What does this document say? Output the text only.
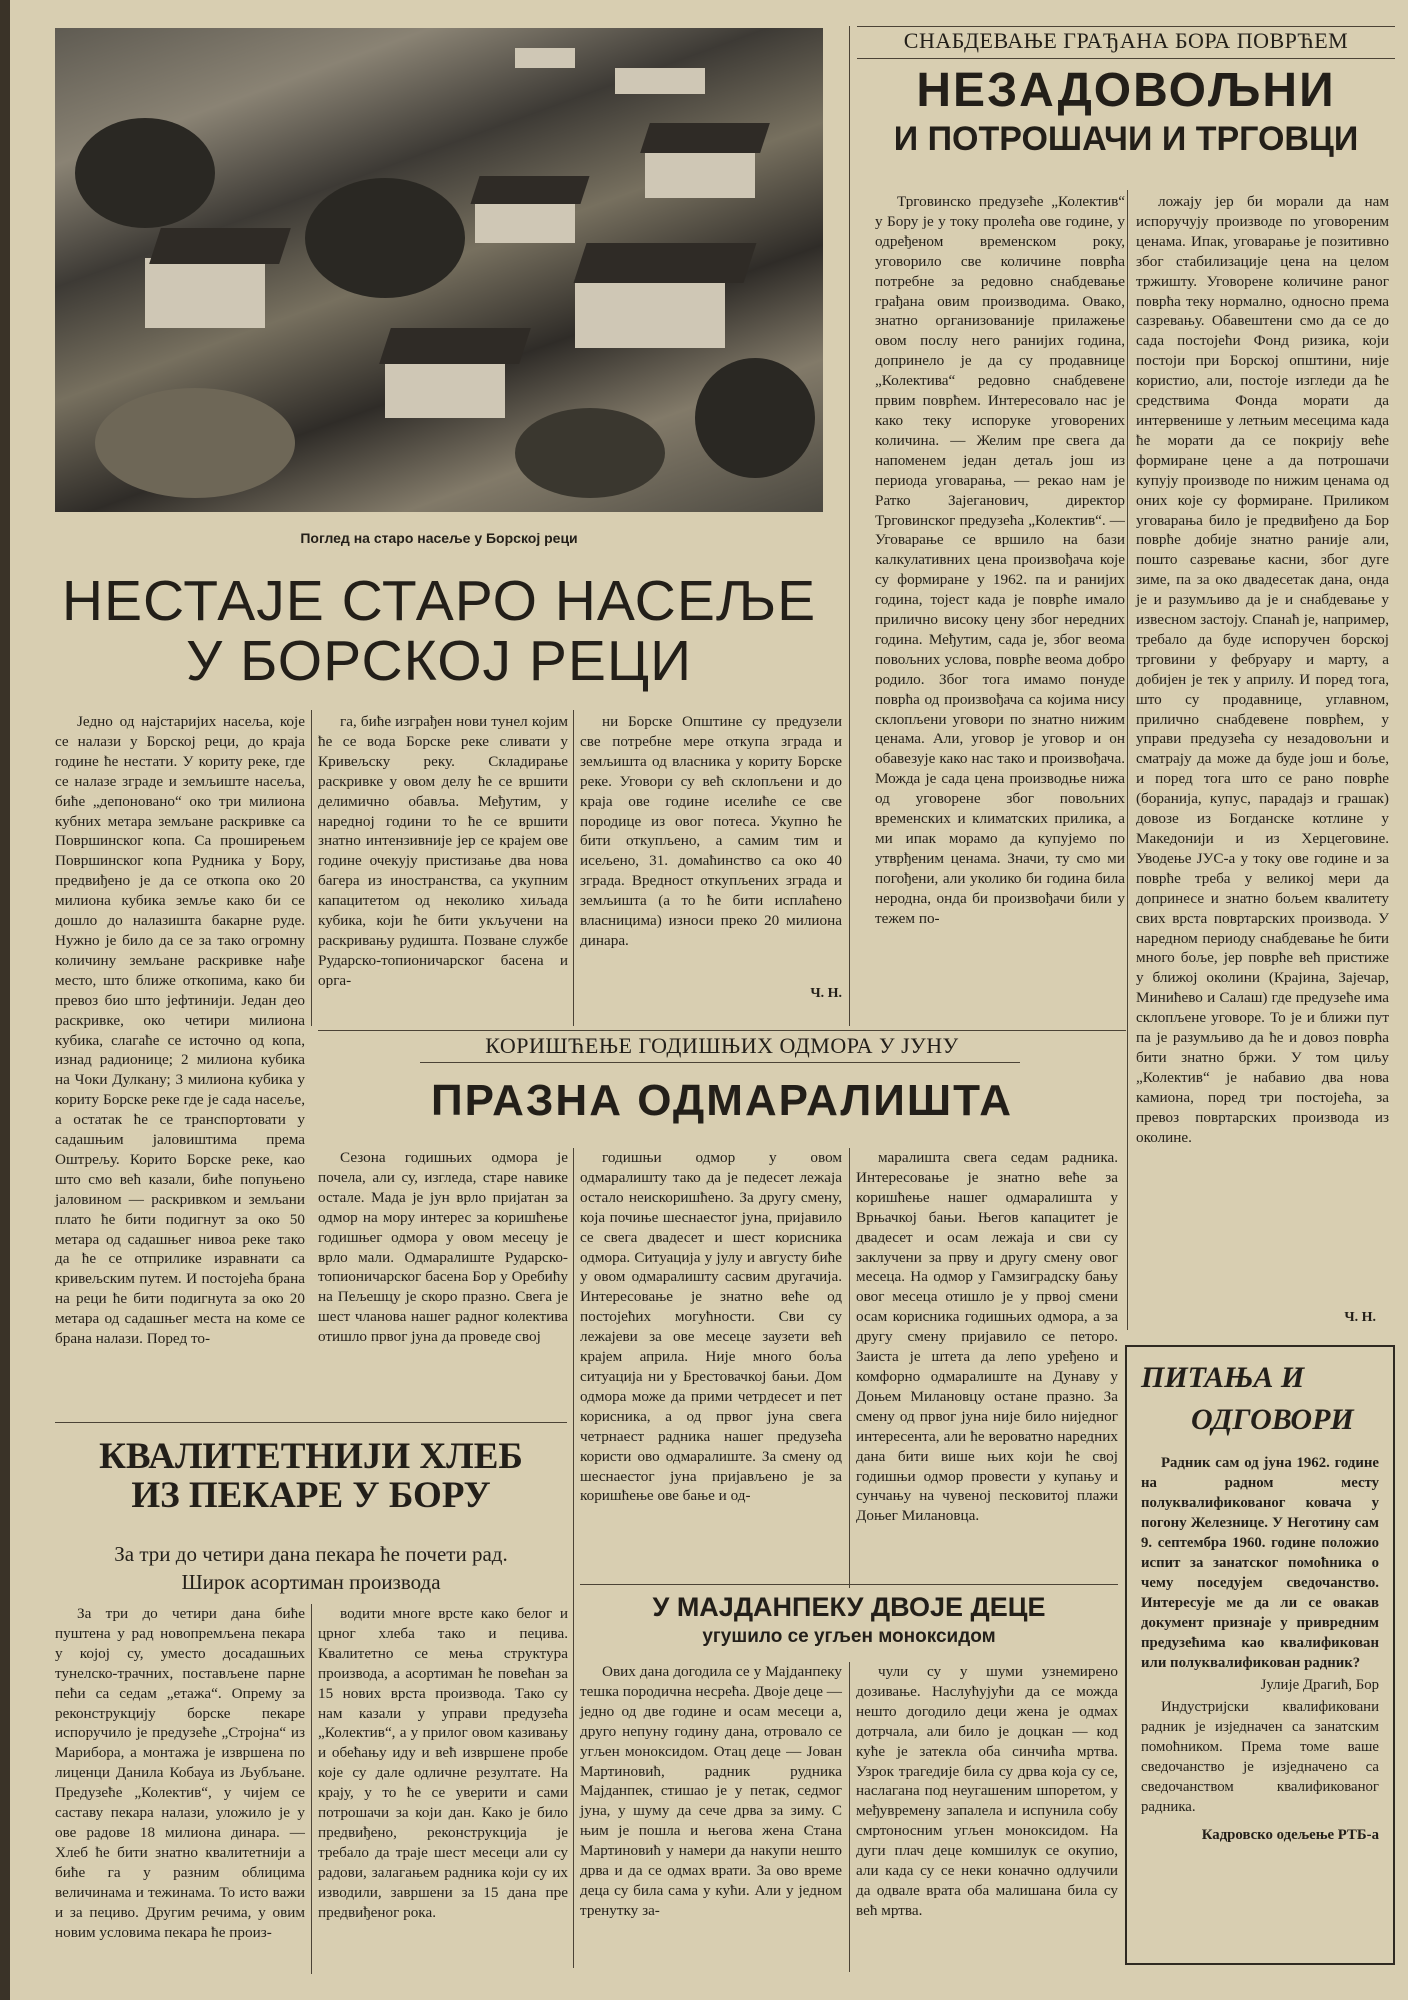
Поглед на старо насеље у Борској реци
НЕСТАЈЕ СТАРО НАСЕЉЕ
У БОРСКОЈ РЕЦИ

Једно од најстаријих насеља, које се налази у Борској реци, до краја године ће нестати. У кориту реке, где се налазе зграде и земљиште насеља, биће „депоновано“ око три милиона кубних метара земљане раскривке са Површинског копа. Са проширењем Површинског копа Рудника у Бору, предвиђено је да се откопа око 20 милиона кубика земље како би се дошло до налазишта бакарне руде. Нужно је било да се за тако огромну количину земљане раскривке нађе место, што ближе откопима, како би превоз био што јефтинији. Један део раскривке, око четири милиона кубика, слагаће се источно од копа, изнад радионице; 2 милиона кубика на Чоки Дулкану; 3 милиона кубика у кориту Борске реке где је сада насеље, а остатак ће се транспортовати у садашњим јаловиштима према Оштрељу. Корито Борске реке, као што смо већ казали, биће попуњено јаловином — раскривком и земљани плато ће бити подигнут за око 50 метара од садашњег нивоа реке тако да ће се отприлике изравнати са кривељским путем. И постојећа брана на реци ће бити подигнута за око 20 метара од садашњег места на коме се брана налази. Поред то-

га, биће изграђен нови тунел којим ће се вода Борске реке сливати у Кривељску реку. Складирање раскривке у овом делу ће се вршити делимично обавља. Међутим, у наредној години то ће се вршити знатно интензивније јер се крајем ове године очекују пристизање два нова багера из иностранства, са укупним капацитетом од неколико хиљада кубика, који ће бити укључени на раскривању рудишта. Позване службе Рударско-топионичарског басена и орга-

ни Борске Општине су предузели све потребне мере откупа зграда и земљишта од власника у кориту Борске реке. Уговори су већ склопљени и до краја ове године иселиће се све породице из овог потеса. Укупно ће бити откупљено, а самим тим и исељено, 31. домаћинство са око 40 зграда. Вредност откупљених зграда и земљишта (а то ће бити исплаћено власницима) износи преко 20 милиона динара.

Ч. Н.
СНАБДЕВАЊЕ ГРАЂАНА БОРА ПОВРЋЕМ
НЕЗАДОВОЉНИ
И ПОТРОШАЧИ И ТРГОВЦИ

Трговинско предузеће „Колектив“ у Бору је у току пролећа ове године, у одређеном временском року, уговорило све количине поврћа потребне за редовно снабдевање грађана овим производима. Овако, знатно организованије прилажење овом послу него ранијих година, допринело је да су продавнице „Колектива“ редовно снабдевене првим поврћем. Интересовало нас је како теку испоруке уговорених количина. — Желим пре свега да напоменем један детаљ још из периода уговарања, — рекао нам је Ратко Зајеганович, директор Трговинског предузећа „Колектив“. — Уговарање се вршило на бази калкулативних цена произвођача које су формиране у 1962. па и ранијих година, тојест када је поврће имало прилично високу цену због нередних година. Међутим, сада је, због веома повољних услова, поврће веома добро родило. Због тога имамо понуде поврћа од произвођача са којима нису склопљени уговори по знатно нижим ценама. Али, уговор је уговор и он обавезује како нас тако и произвођача. Можда је сада цена производње нижа од уговорене због повољних временских и климатских прилика, а ми ипак морамо да купујемо по утврђеним ценама. Значи, ту смо ми погођени, али уколико би година била неродна, онда би произвођачи били у тежем по-

ложају јер би морали да нам испоручују производе по уговореним ценама. Ипак, уговарање је позитивно због стабилизације цена на целом тржишту. Уговорене количине раног поврћа теку нормално, односно према сазревању. Обавештени смо да се до сада постојећи Фонд ризика, који постоји при Борској општини, није користио, али, постоје изгледи да ће средствима Фонда морати да интервенише у летњим месецима када ће морати да се покрију веће формиране цене а да потрошачи купују производе по нижим ценама од оних које су формиране. Приликом уговарања било је предвиђено да Бор поврће добије знатно раније али, пошто сазревање касни, због дуге зиме, па за око двадесетак дана, онда је и разумљиво да је и снабдевање у извесном застоју. Спанаћ је, например, требало да буде испоручен борској трговини у фебруару и марту, а добијен је тек у априлу. И поред тога, што су продавнице, углавном, прилично снабдевене поврћем, у управи предузећа су незадовољни и сматрају да може да буде још и боље, и поред тога што се рано поврће (боранија, купус, парадајз и грашак) довозе из Богданске котлине у Македонији и из Херцеговине. Уводење ЈУС-а у току ове године и за поврће треба у великој мери да допринесе и знатно бољем квалитету свих врста повртарских производа. У наредном периоду снабдевање ће бити много боље, јер поврће већ пристиже у ближој околини (Крајина, Зајечар, Минићево и Салаш) где предузеће има склопљене уговоре. То је и ближи пут па је разумљиво да ће и довоз поврћа бити знатно бржи. У том циљу „Колектив“ је набавио два нова камиона, поред три постојећа, за превоз повртарских производа из околине.

Ч. Н.
КОРИШЋЕЊЕ ГОДИШЊИХ ОДМОРА У ЈУНУ
ПРАЗНА ОДМАРАЛИШТА

Сезона годишњих одмора је почела, али су, изгледа, старе навике остале. Мада је јун врло пријатан за одмор на мору интерес за коришћење годишњег одмора у овом месецу је врло мали. Одмаралиште Рударско-топионичарског басена Бор у Оребићу на Пељешцу је скоро празно. Свега је шест чланова нашег радног колектива отишло првог јуна да проведе свој

годишњи одмор у овом одмаралишту тако да је педесет лежаја остало неискоришћено. За другу смену, која почиње шеснаестог јуна, пријавило се свега двадесет и шест корисника одмора. Ситуација у јулу и августу биће у овом одмаралишту сасвим другачија. Интересовање је знатно веће од постојећих могућности. Сви су лежајеви за ове месеце заузети већ крајем априла. Није много боља ситуација ни у Брестовачкој бањи. Дом одмора може да прими четрдесет и пет корисника, а од првог јуна свега четрнаест радника нашег предузећа користи ово одмаралиште. За смену од шеснаестог јуна пријављено је за коришћење ове бање и од-

маралишта свега седам радника. Интересовање је знатно веће за коришћење нашег одмаралишта у Врњачкој бањи. Његов капацитет је двадесет и осам лежаја и сви су заклучени за прву и другу смену овог месеца. На одмор у Гамзиградску бању овог месеца отишло је у првој смени осам корисника годишњих одмора, а за другу смену пријавило се петоро. Заиста је штета да лепо уређено и комфорно одмаралиште на Дунаву у Доњем Милановцу остане празно. За смену од првог јуна није било ниједног интересента, али ће вероватно наредних дана бити више њих који ће свој годишњи одмор провести у купању и сунчању на чувеној песковитој плажи Доњег Милановца.

КВАЛИТЕТНИЈИ ХЛЕБ
ИЗ ПЕКАРЕ У БОРУ
За три до четири дана пекара ће почети рад.
Широк асортиман производа

За три до четири дана биће пуштена у рад новопремљена пекара у којој су, уместо досадашњих тунелско-трачних, постављене парне пећи са седам „етажа“. Опрему за реконструкцију борске пекаре испоручило је предузеће „Стројна“ из Марибора, а монтажа је извршена по лиценци Данила Кобауа из Љубљане. Предузеће „Колектив“, у чијем се саставу пекара налази, уложило је у ове радове 18 милиона динара. — Хлеб ће бити знатно квалитетнији а биће га у разним облицима величинама и тежинама. То исто важи и за пециво. Другим речима, у овим новим условима пекара ће произ-

водити многе врсте како белог и црног хлеба тако и пецива. Квалитетно се мења структура производа, а асортиман ће повећан за 15 нових врста производа. Тако су нам казали у управи предузећа „Колектив“, а у прилог овом казивању и обећању иду и већ извршене пробе које су дале одличне резултате. На крају, у то ће се уверити и сами потрошачи за који дан. Како је било предвиђено, реконструкција је требало да траје шест месеци али су радови, залагањем радника који су их изводили, завршени за 15 дана пре предвиђеног рока.

У МАЈДАНПЕКУ ДВОЈЕ ДЕЦЕ
угушило се угљен моноксидом

Ових дана догодила се у Мајданпеку тешка породична несрећа. Двоје деце — једно од две године и осам месеци а, друго непуну годину дана, отровало се угљен моноксидом. Отац деце — Јован Мартиновић, радник рудника Мајданпек, стишао је у петак, седмог јуна, у шуму да сече дрва за зиму. С њим је пошла и његова жена Стана Мартиновић у намери да накупи нешто дрва и да се одмах врати. За ово време деца су била сама у кући. Али у једном тренутку за-

чули су у шуми узнемирено дозивање. Наслућујући да се можда нешто догодило деци жена је одмах дотрчала, али било је доцкан — код куће је затекла оба синчића мртва. Узрок трагедије била су дрва која су се, наслагана под неугашеним шпоретом, у међувремену запалела и испунила собу смртоносним угљен моноксидом. На дуги плач деце комшилук се окупио, али када су се неки коначно одлучили да одвале врата оба малишана била су већ мртва.

ПИТАЊА И
ОДГОВОРИ
Радник сам од јуна 1962. године на радном месту полуквалификованог ковача у погону Железнице. У Неготину сам 9. септембра 1960. године положио испит за занатског помоћника о чему поседујем сведочанство. Интересује ме да ли се овакав документ признаје у привредним предузећима као квалификован или полуквалификован радник?
Јулије Драгић, Бор
Индустријски квалификовани радник је изједначен са занатским помоћником. Према томе ваше сведочанство је изједначено са сведочанством квалификованог радника.
Кадровско одељење РТБ-а
